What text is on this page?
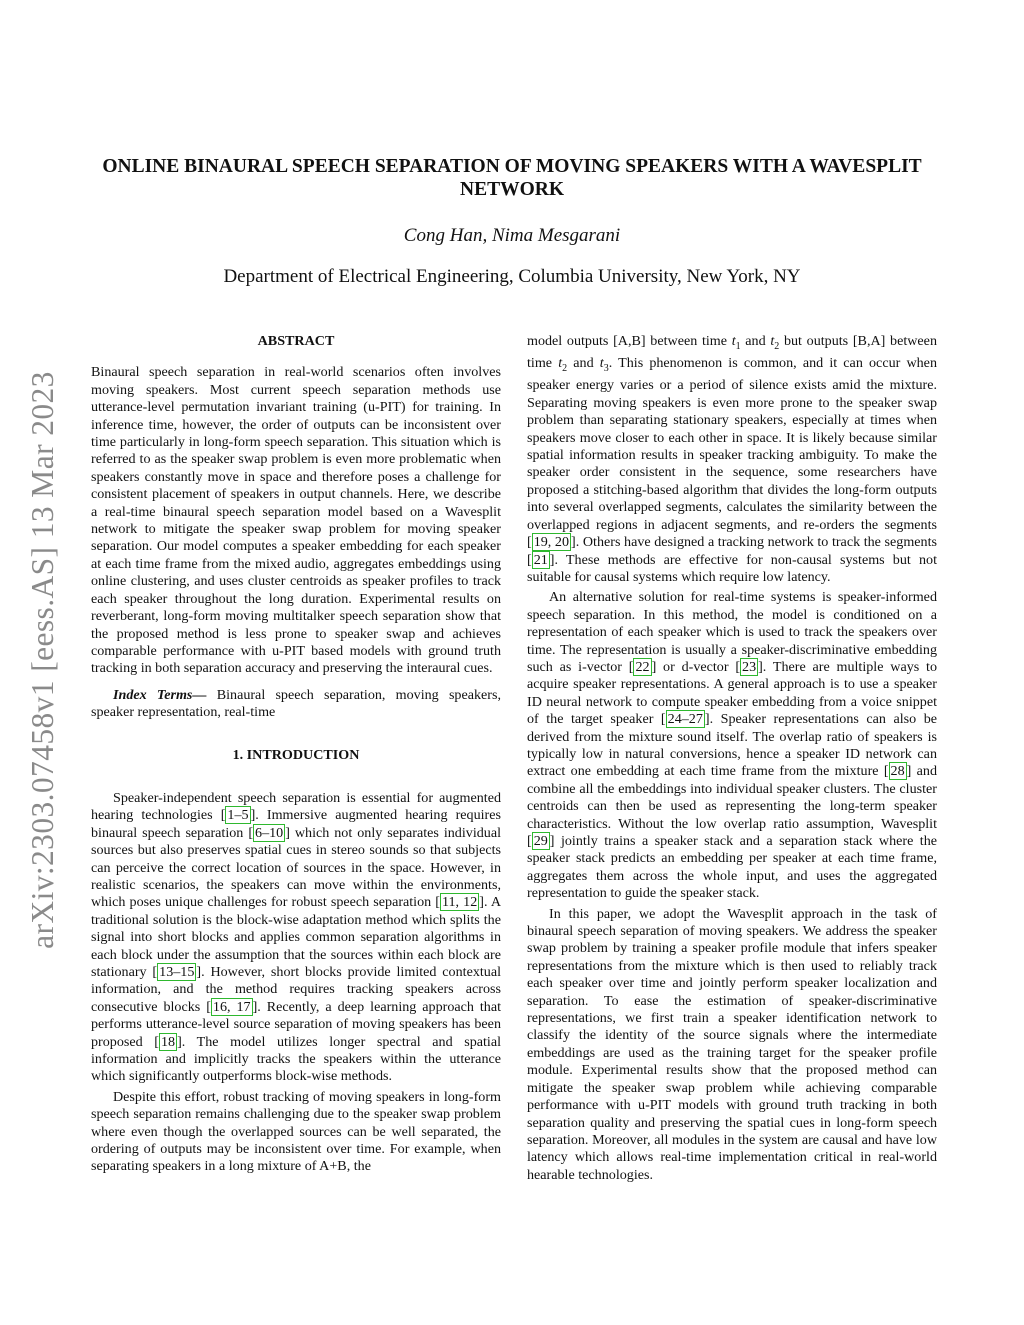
arXiv:2303.07458v1 [eess.AS] 13 Mar 2023
ONLINE BINAURAL SPEECH SEPARATION OF MOVING SPEAKERS WITH A WAVESPLIT NETWORK
Cong Han, Nima Mesgarani
Department of Electrical Engineering, Columbia University, New York, NY
ABSTRACT

Binaural speech separation in real-world scenarios often involves moving speakers. Most current speech separation methods use utterance-level permutation invariant training (u-PIT) for training. In inference time, however, the order of outputs can be inconsistent over time particularly in long-form speech separation. This situation which is referred to as the speaker swap problem is even more problematic when speakers constantly move in space and therefore poses a challenge for consistent placement of speakers in output channels. Here, we describe a real-time binaural speech separation model based on a Wavesplit network to mitigate the speaker swap problem for moving speaker separation. Our model computes a speaker embedding for each speaker at each time frame from the mixed audio, aggregates embeddings using online clustering, and uses cluster centroids as speaker profiles to track each speaker throughout the long duration. Experimental results on reverberant, long-form moving multitalker speech separation show that the proposed method is less prone to speaker swap and achieves comparable performance with u-PIT based models with ground truth tracking in both separation accuracy and preserving the interaural cues.

Index Terms— Binaural speech separation, moving speakers, speaker representation, real-time

1. INTRODUCTION

Speaker-independent speech separation is essential for augmented hearing technologies [ 1–5 ]. Immersive augmented hearing requires binaural speech separation [ 6–10 ] which not only separates individual sources but also preserves spatial cues in stereo sounds so that subjects can perceive the correct location of sources in the space. However, in realistic scenarios, the speakers can move within the environments, which poses unique challenges for robust speech separation [ 11, 12 ]. A traditional solution is the block-wise adaptation method which splits the signal into short blocks and applies common separation algorithms in each block under the assumption that the sources within each block are stationary [ 13–15 ]. However, short blocks provide limited contextual information, and the method requires tracking speakers across consecutive blocks [ 16, 17 ]. Recently, a deep learning approach that performs utterance-level source separation of moving speakers has been proposed [ 18 ]. The model utilizes longer spectral and spatial information and implicitly tracks the speakers within the utterance which significantly outperforms block-wise methods.

Despite this effort, robust tracking of moving speakers in long-form speech separation remains challenging due to the speaker swap problem where even though the overlapped sources can be well separated, the ordering of outputs may be inconsistent over time. For example, when separating speakers in a long mixture of A+B, the

model outputs [A,B] between time $t_1$ and $t_2$ but outputs [B,A] between time $t_2$ and $t_3$. This phenomenon is common, and it can occur when speaker energy varies or a period of silence exists amid the mixture. Separating moving speakers is even more prone to the speaker swap problem than separating stationary speakers, especially at times when speakers move closer to each other in space. It is likely because similar spatial information results in speaker tracking ambiguity. To make the speaker order consistent in the sequence, some researchers have proposed a stitching-based algorithm that divides the long-form outputs into several overlapped segments, calculates the similarity between the overlapped regions in adjacent segments, and re-orders the segments [ 19, 20 ]. Others have designed a tracking network to track the segments [ 21 ]. These methods are effective for non-causal systems but not suitable for causal systems which require low latency.

An alternative solution for real-time systems is speaker-informed speech separation. In this method, the model is conditioned on a representation of each speaker which is used to track the speakers over time. The representation is usually a speaker-discriminative embedding such as i-vector [ 22 ] or d-vector [ 23 ]. There are multiple ways to acquire speaker representations. A general approach is to use a speaker ID neural network to compute speaker embedding from a voice snippet of the target speaker [ 24–27 ]. Speaker representations can also be derived from the mixture sound itself. The overlap ratio of speakers is typically low in natural conversions, hence a speaker ID network can extract one embedding at each time frame from the mixture [ 28 ] and combine all the embeddings into individual speaker clusters. The cluster centroids can then be used as representing the long-term speaker characteristics. Without the low overlap ratio assumption, Wavesplit [ 29 ] jointly trains a speaker stack and a separation stack where the speaker stack predicts an embedding per speaker at each time frame, aggregates them across the whole input, and uses the aggregated representation to guide the speaker stack.

In this paper, we adopt the Wavesplit approach in the task of binaural speech separation of moving speakers. We address the speaker swap problem by training a speaker profile module that infers speaker representations from the mixture which is then used to reliably track each speaker over time and jointly perform speaker localization and separation. To ease the estimation of speaker-discriminative representations, we first train a speaker identification network to classify the identity of the source signals where the intermediate embeddings are used as the training target for the speaker profile module. Experimental results show that the proposed method can mitigate the speaker swap problem while achieving comparable performance with u-PIT models with ground truth tracking in both separation quality and preserving the spatial cues in long-form speech separation. Moreover, all modules in the system are causal and have low latency which allows real-time implementation critical in real-world hearable technologies.
